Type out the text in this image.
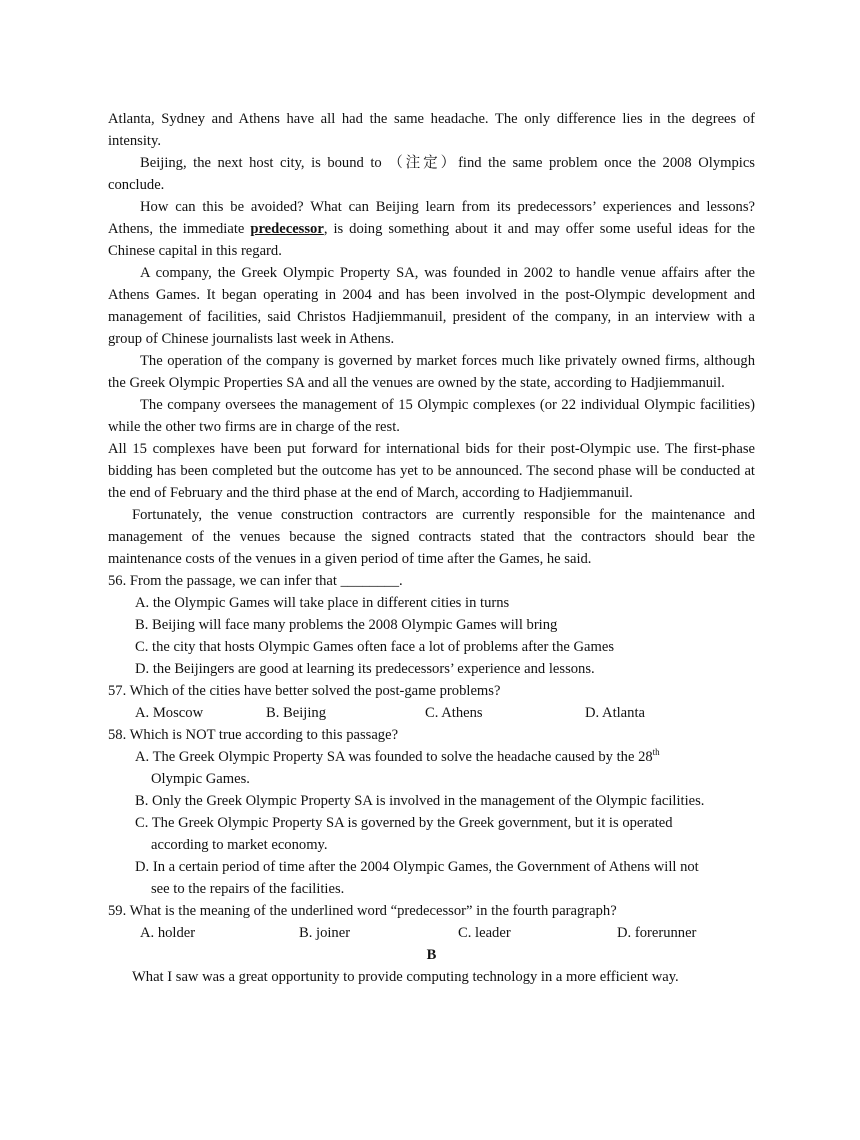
Atlanta, Sydney and Athens have all had the same headache. The only difference lies in the degrees of intensity.

Beijing, the next host city, is bound to （注定）find the same problem once the 2008 Olympics conclude.

How can this be avoided? What can Beijing learn from its predecessors’ experiences and lessons? Athens, the immediate predecessor, is doing something about it and may offer some useful ideas for the Chinese capital in this regard.

A company, the Greek Olympic Property SA, was founded in 2002 to handle venue affairs after the Athens Games. It began operating in 2004 and has been involved in the post-Olympic development and management of facilities, said Christos Hadjiemmanuil, president of the company, in an interview with a group of Chinese journalists last week in Athens.

The operation of the company is governed by market forces much like privately owned firms, although the Greek Olympic Properties SA and all the venues are owned by the state, according to Hadjiemmanuil.

The company oversees the management of 15 Olympic complexes (or 22 individual Olympic facilities) while the other two firms are in charge of the rest.

All 15 complexes have been put forward for international bids for their post-Olympic use. The first-phase bidding has been completed but the outcome has yet to be announced. The second phase will be conducted at the end of February and the third phase at the end of March, according to Hadjiemmanuil.

Fortunately, the venue construction contractors are currently responsible for the maintenance and management of the venues because the signed contracts stated that the contractors should bear the maintenance costs of the venues in a given period of time after the Games, he said.

56. From the passage, we can infer that ________.

A. the Olympic Games will take place in different cities in turns

B. Beijing will face many problems the 2008 Olympic Games will bring

C. the city that hosts Olympic Games often face a lot of problems after the Games

D. the Beijingers are good at learning its predecessors’ experience and lessons.

57. Which of the cities have better solved the post-game problems?

A. Moscow	B. Beijing	C. Athens	D. Atlanta

58. Which is NOT true according to this passage?

A. The Greek Olympic Property SA was founded to solve the headache caused by the 28th

Olympic Games.

B. Only the Greek Olympic Property SA is involved in the management of the Olympic facilities.

C. The Greek Olympic Property SA is governed by the Greek government, but it is operated

according to market economy.

D. In a certain period of time after the 2004 Olympic Games, the Government of Athens will not

see to the repairs of the facilities.

59. What is the meaning of the underlined word “predecessor” in the fourth paragraph?

A. holder	B. joiner	C. leader	D. forerunner

B

What I saw was a great opportunity to provide computing technology in a more efficient way.
